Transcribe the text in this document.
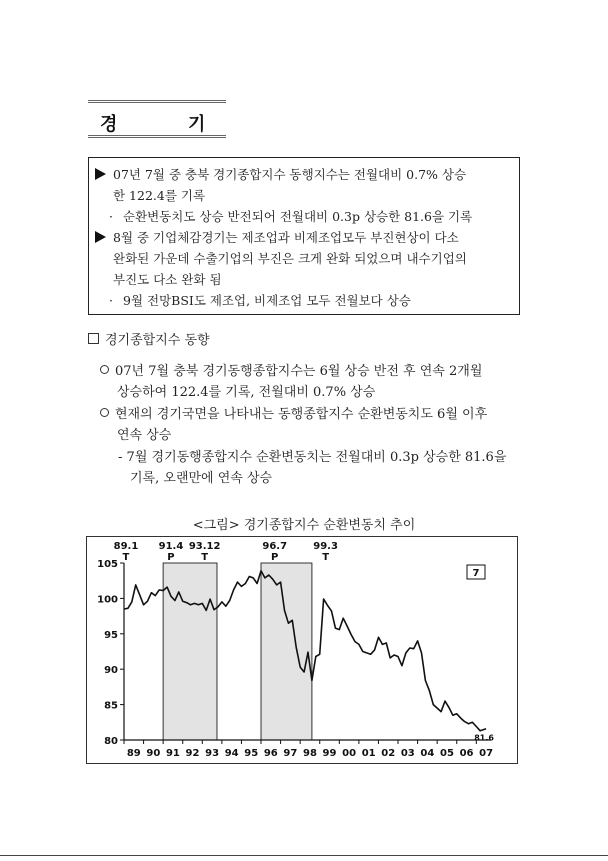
경	기
07년 7월 중 충북 경기종합지수 동행지수는 전월대비 0.7% 상승
한 122.4를 기록
· 순환변동치도 상승 반전되어 전월대비 0.3p 상승한 81.6을 기록
8월 중 기업체감경기는 제조업과 비제조업모두 부진현상이 다소
완화된 가운데 수출기업의 부진은 크게 완화 되었으며 내수기업의
부진도 다소 완화 됨
· 9월 전망BSI도 제조업, 비제조업 모두 전월보다 상승
경기종합지수 동향
07년 7월 충북 경기동행종합지수는 6월 상승 반전 후 연속 2개월
상승하여 122.4를 기록, 전월대비 0.7% 상승
현재의 경기국면을 나타내는 동행종합지수 순환변동치도 6월 이후
연속 상승
- 7월 경기동행종합지수 순환변동치는 전월대비 0.3p 상승한 81.6을
기록, 오랜만에 연속 상승
<그림> 경기종합지수 순환변동치 추이
80
85
90
95
100
105
89 90 91 92 93 94 95 96 97 98 99 00 01 02 03 04 05 06 07
89.1
T
91.4
P
93.12
T
96.7
P
99.3
T
81.6
7
